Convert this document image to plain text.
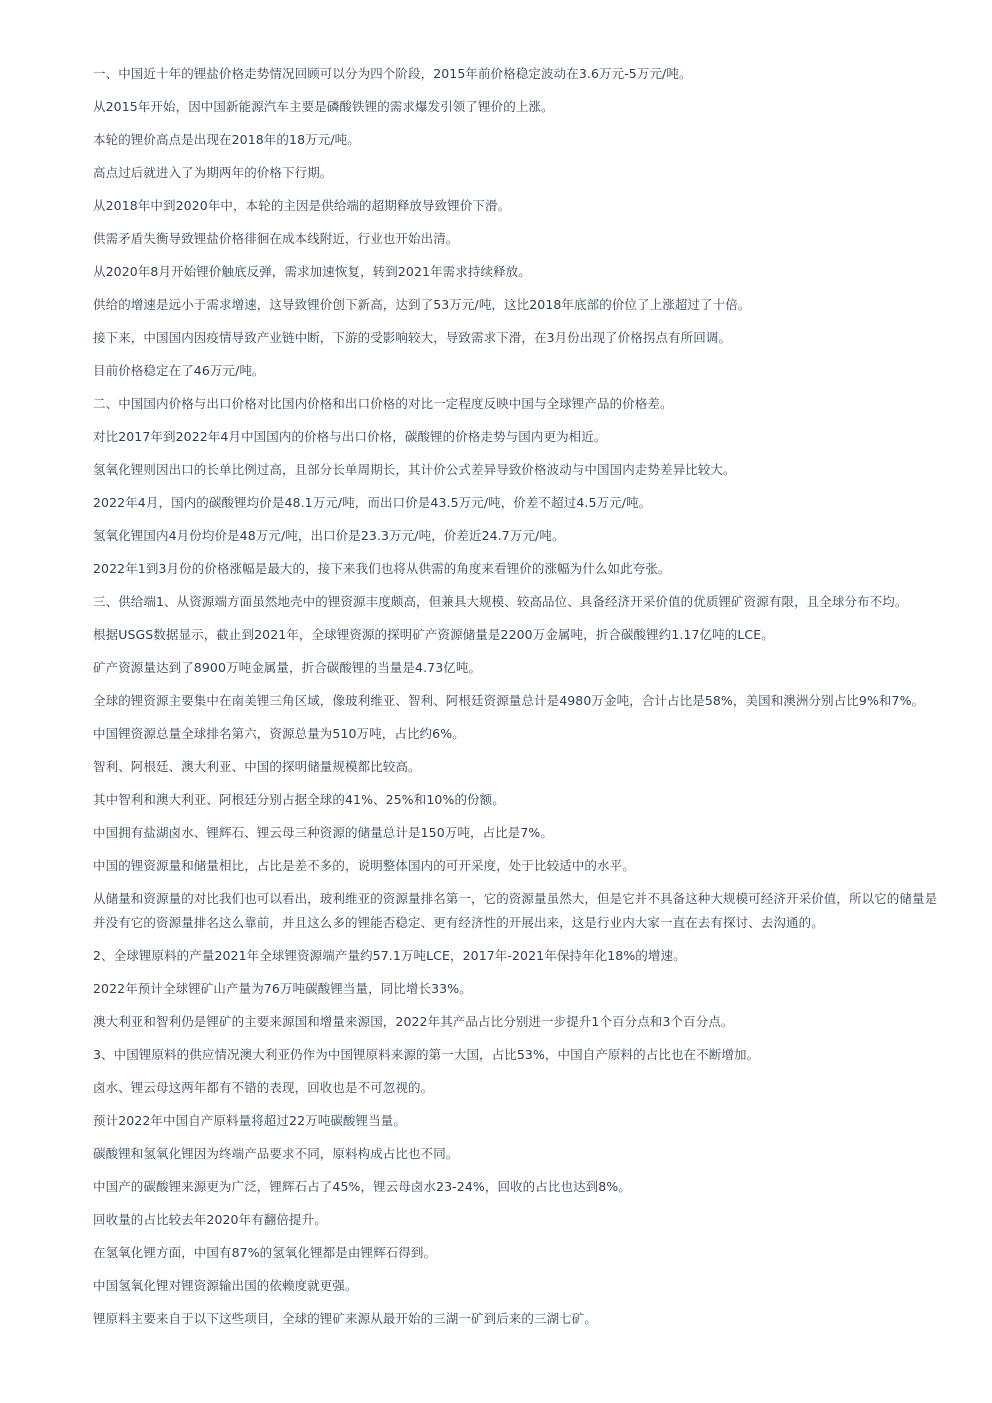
一、中国近十年的锂盐价格走势情况回顾可以分为四个阶段，2015年前价格稳定波动在3.6万元-5万元/吨。

从2015年开始，因中国新能源汽车主要是磷酸铁锂的需求爆发引领了锂价的上涨。

本轮的锂价高点是出现在2018年的18万元/吨。

高点过后就进入了为期两年的价格下行期。

从2018年中到2020年中，本轮的主因是供给端的超期释放导致锂价下滑。

供需矛盾失衡导致锂盐价格徘徊在成本线附近，行业也开始出清。

从2020年8月开始锂价触底反弹，需求加速恢复，转到2021年需求持续释放。

供给的增速是远小于需求增速，这导致锂价创下新高，达到了53万元/吨，这比2018年底部的价位了上涨超过了十倍。

接下来，中国国内因疫情导致产业链中断，下游的受影响较大，导致需求下滑，在3月份出现了价格拐点有所回调。

目前价格稳定在了46万元/吨。

二、中国国内价格与出口价格对比国内价格和出口价格的对比一定程度反映中国与全球锂产品的价格差。

对比2017年到2022年4月中国国内的价格与出口价格，碳酸锂的价格走势与国内更为相近。

氢氧化锂则因出口的长单比例过高，且部分长单周期长，其计价公式差异导致价格波动与中国国内走势差异比较大。

2022年4月，国内的碳酸锂均价是48.1万元/吨，而出口价是43.5万元/吨，价差不超过4.5万元/吨。

氢氧化锂国内4月份均价是48万元/吨，出口价是23.3万元/吨，价差近24.7万元/吨。

2022年1到3月份的价格涨幅是最大的，接下来我们也将从供需的角度来看锂价的涨幅为什么如此夸张。

三、供给端1、从资源端方面虽然地壳中的锂资源丰度颇高，但兼具大规模、较高品位、具备经济开采价值的优质锂矿资源有限，且全球分布不均。

根据USGS数据显示，截止到2021年，全球锂资源的探明矿产资源储量是2200万金属吨，折合碳酸锂约1.17亿吨的LCE。

矿产资源量达到了8900万吨金属量，折合碳酸锂的当量是4.73亿吨。

全球的锂资源主要集中在南美锂三角区域，像玻利维亚、智利、阿根廷资源量总计是4980万金吨，合计占比是58%，美国和澳洲分别占比9%和7%。

中国锂资源总量全球排名第六，资源总量为510万吨，占比约6%。

智利、阿根廷、澳大利亚、中国的探明储量规模都比较高。

其中智利和澳大利亚、阿根廷分别占据全球的41%、25%和10%的份额。

中国拥有盐湖卤水、锂辉石、锂云母三种资源的储量总计是150万吨，占比是7%。

中国的锂资源量和储量相比，占比是差不多的，说明整体国内的可开采度，处于比较适中的水平。

从储量和资源量的对比我们也可以看出，玻利维亚的资源量排名第一，它的资源量虽然大，但是它并不具备这种大规模可经济开采价值，所以它的储量是并没有它的资源量排名这么靠前，并且这么多的锂能否稳定、更有经济性的开展出来，这是行业内大家一直在去有探讨、去沟通的。

2、全球锂原料的产量2021年全球锂资源端产量约57.1万吨LCE，2017年-2021年保持年化18%的增速。

2022年预计全球锂矿山产量为76万吨碳酸锂当量，同比增长33%。

澳大利亚和智利仍是锂矿的主要来源国和增量来源国，2022年其产品占比分别进一步提升1个百分点和3个百分点。

3、中国锂原料的供应情况澳大利亚仍作为中国锂原料来源的第一大国，占比53%，中国自产原料的占比也在不断增加。

卤水、锂云母这两年都有不错的表现，回收也是不可忽视的。

预计2022年中国自产原料量将超过22万吨碳酸锂当量。

碳酸锂和氢氧化锂因为终端产品要求不同，原料构成占比也不同。

中国产的碳酸锂来源更为广泛，锂辉石占了45%，锂云母卤水23-24%，回收的占比也达到8%。

回收量的占比较去年2020年有翻倍提升。

在氢氧化锂方面，中国有87%的氢氧化锂都是由锂辉石得到。

中国氢氧化锂对锂资源输出国的依赖度就更强。

锂原料主要来自于以下这些项目，全球的锂矿来源从最开始的三湖一矿到后来的三湖七矿。
